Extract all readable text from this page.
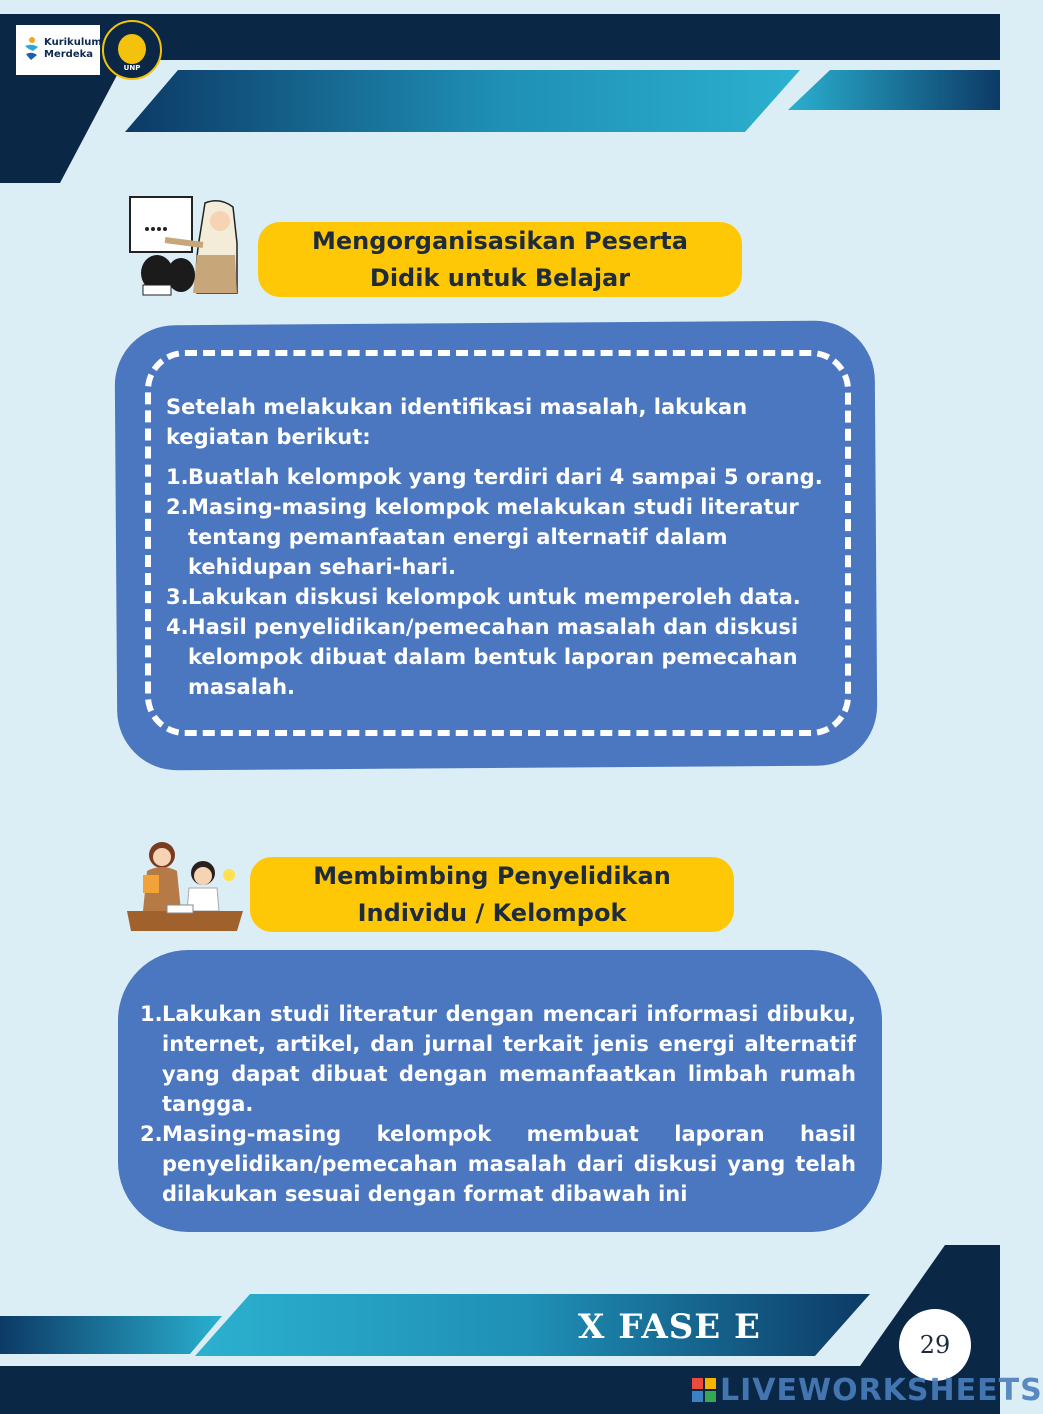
Kurikulum
Merdeka
UNP
Mengorganisasikan Peserta
Didik untuk Belajar
Setelah melakukan identifikasi masalah, lakukan kegiatan berikut:
1. Buatlah kelompok yang terdiri dari 4 sampai 5 orang.
2. Masing-masing kelompok melakukan studi literatur tentang pemanfaatan energi alternatif dalam kehidupan sehari-hari.
3. Lakukan diskusi kelompok untuk memperoleh data.
4. Hasil penyelidikan/pemecahan masalah dan diskusi kelompok dibuat dalam bentuk laporan pemecahan masalah.
Membimbing Penyelidikan
Individu / Kelompok
1. Lakukan studi literatur dengan mencari informasi dibuku, internet, artikel, dan jurnal terkait jenis energi alternatif yang dapat dibuat dengan memanfaatkan limbah rumah tangga.
2. Masing-masing kelompok membuat laporan hasil penyelidikan/pemecahan masalah dari diskusi yang telah dilakukan sesuai dengan format dibawah ini
X FASE E	29
LIVEWORKSHEETS
